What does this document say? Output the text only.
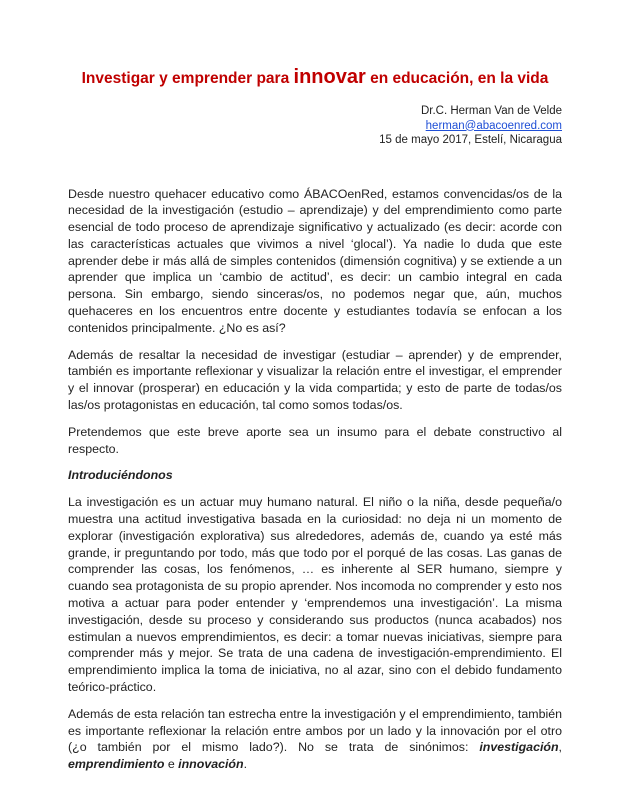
Investigar y emprender para innovar en educación, en la vida
Dr.C. Herman Van de Velde
herman@abacoenred.com
15 de mayo 2017, Estelí, Nicaragua

Desde nuestro quehacer educativo como ÁBACOenRed, estamos convencidas/os de la necesidad de la investigación (estudio – aprendizaje) y del emprendimiento como parte esencial de todo proceso de aprendizaje significativo y actualizado (es decir: acorde con las características actuales que vivimos a nivel ‘glocal’). Ya nadie lo duda que este aprender debe ir más allá de simples contenidos (dimensión cognitiva) y se extiende a un aprender que implica un ‘cambio de actitud’, es decir: un cambio integral en cada persona. Sin embargo, siendo sinceras/os, no podemos negar que, aún, muchos quehaceres en los encuentros entre docente y estudiantes todavía se enfocan a los contenidos principalmente. ¿No es así?

Además de resaltar la necesidad de investigar (estudiar – aprender) y de emprender, también es importante reflexionar y visualizar la relación entre el investigar, el emprender y el innovar (prosperar) en educación y la vida compartida; y esto de parte de todas/os las/os protagonistas en educación, tal como somos todas/os.

Pretendemos que este breve aporte sea un insumo para el debate constructivo al respecto.

Introduciéndonos

La investigación es un actuar muy humano natural. El niño o la niña, desde pequeña/o muestra una actitud investigativa basada en la curiosidad: no deja ni un momento de explorar (investigación explorativa) sus alrededores, además de, cuando ya esté más grande, ir preguntando por todo, más que todo por el porqué de las cosas. Las ganas de comprender las cosas, los fenómenos, … es inherente al SER humano, siempre y cuando sea protagonista de su propio aprender. Nos incomoda no comprender y esto nos motiva a actuar para poder entender y ‘emprendemos una investigación’. La misma investigación, desde su proceso y considerando sus productos (nunca acabados) nos estimulan a nuevos emprendimientos, es decir: a tomar nuevas iniciativas, siempre para comprender más y mejor. Se trata de una cadena de investigación-emprendimiento. El emprendimiento implica la toma de iniciativa, no al azar, sino con el debido fundamento teórico-práctico.

Además de esta relación tan estrecha entre la investigación y el emprendimiento, también es importante reflexionar la relación entre ambos por un lado y la innovación por el otro (¿o también por el mismo lado?). No se trata de sinónimos: investigación, emprendimiento e innovación.
